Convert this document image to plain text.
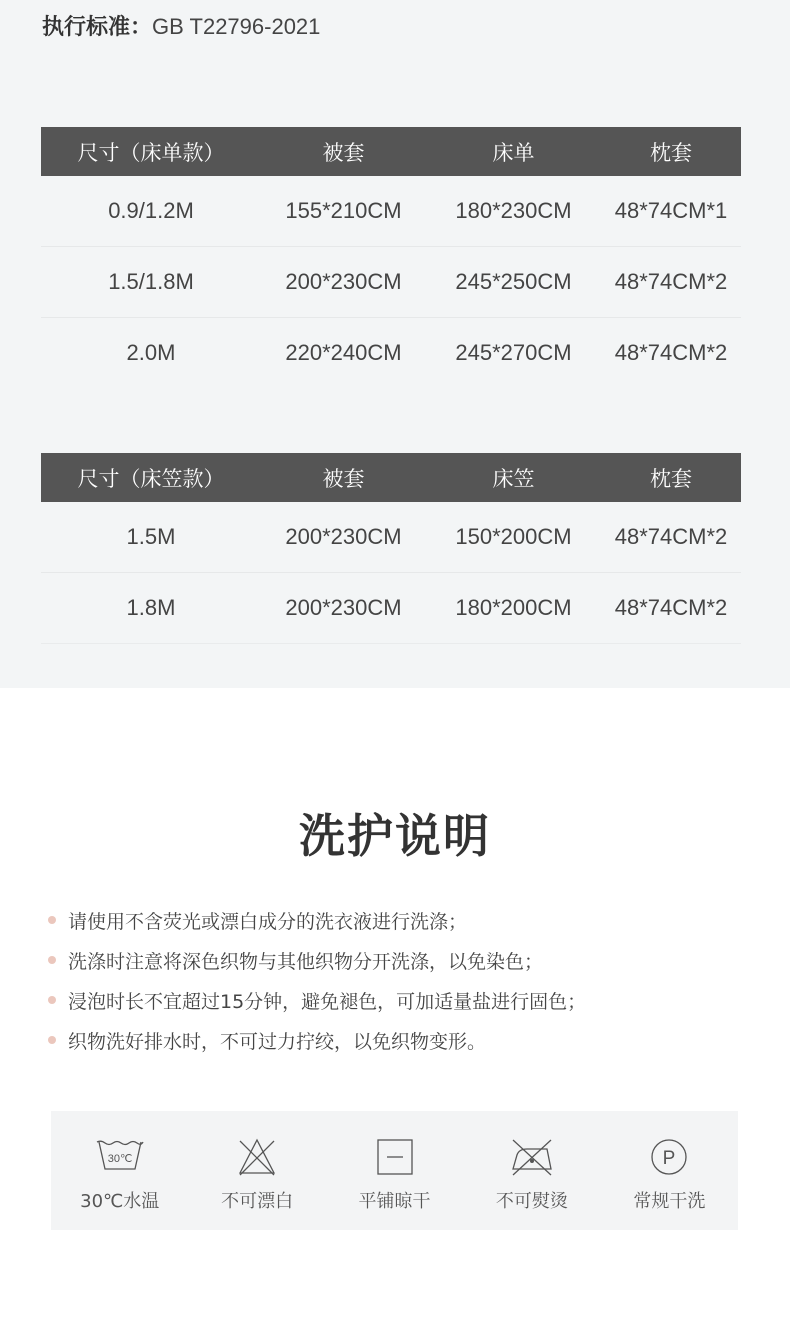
执行标准：GB T22796-2021
尺寸（床单款）	被套	床单	枕套
0.9/1.2M	155*210CM	180*230CM	48*74CM*1
1.5/1.8M	200*230CM	245*250CM	48*74CM*2
2.0M	220*240CM	245*270CM	48*74CM*2
尺寸（床笠款）	被套	床笠	枕套
1.5M	200*230CM	150*200CM	48*74CM*2
1.8M	200*230CM	180*200CM	48*74CM*2
洗护说明
请使用不含荧光或漂白成分的洗衣液进行洗涤；
洗涤时注意将深色织物与其他织物分开洗涤，以免染色；
浸泡时长不宜超过15分钟，避免褪色，可加适量盐进行固色；
织物洗好排水时，不可过力拧绞，以免织物变形。
30℃
30℃水温	不可漂白	平铺晾干	不可熨烫
P
常规干洗
